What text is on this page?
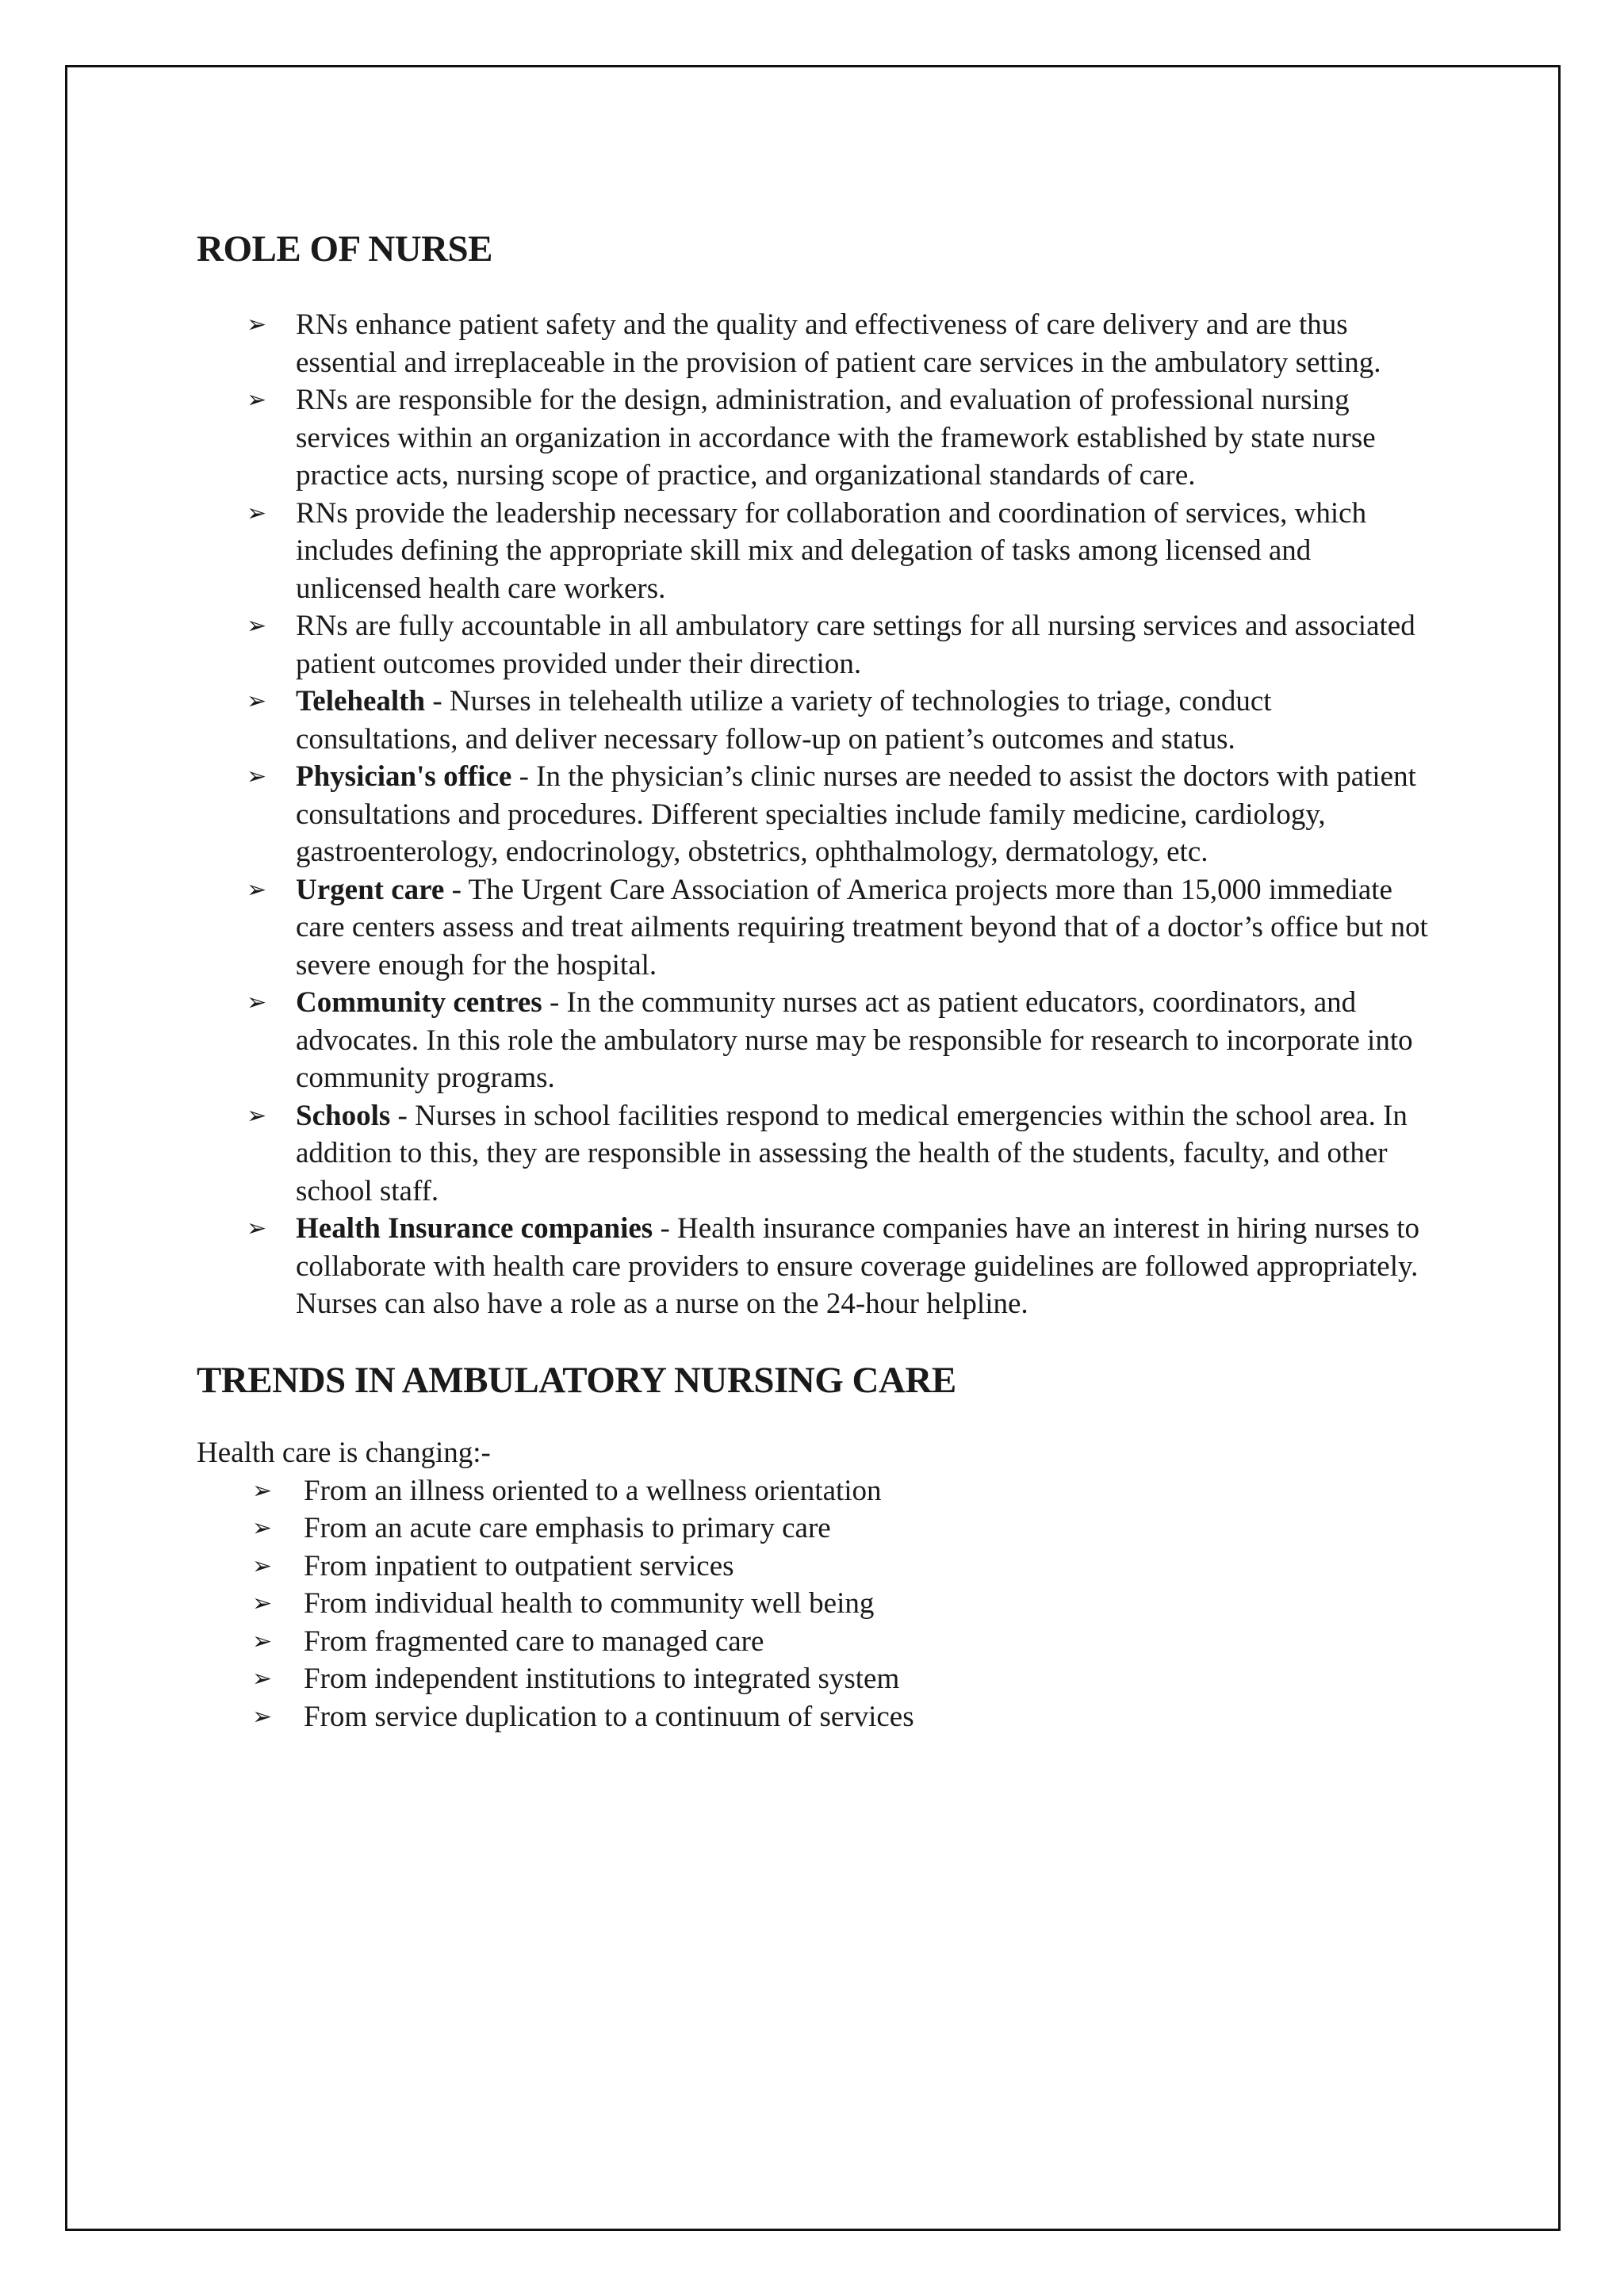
ROLE OF NURSE
➢ RNs enhance patient safety and the quality and effectiveness of care delivery and are thus essential and irreplaceable in the provision of patient care services in the ambulatory setting.
➢ RNs are responsible for the design, administration, and evaluation of professional nursing services within an organization in accordance with the framework established by state nurse practice acts, nursing scope of practice, and organizational standards of care.
➢ RNs provide the leadership necessary for collaboration and coordination of services, which includes defining the appropriate skill mix and delegation of tasks among licensed and unlicensed health care workers.
➢ RNs are fully accountable in all ambulatory care settings for all nursing services and associated patient outcomes provided under their direction.
➢ Telehealth - Nurses in telehealth utilize a variety of technologies to triage, conduct consultations, and deliver necessary follow-up on patient’s outcomes and status.
➢ Physician's office - In the physician’s clinic nurses are needed to assist the doctors with patient consultations and procedures. Different specialties include family medicine, cardiology, gastroenterology, endocrinology, obstetrics, ophthalmology, dermatology, etc.
➢ Urgent care - The Urgent Care Association of America projects more than 15,000 immediate care centers assess and treat ailments requiring treatment beyond that of a doctor’s office but not severe enough for the hospital.
➢ Community centres - In the community nurses act as patient educators, coordinators, and advocates. In this role the ambulatory nurse may be responsible for research to incorporate into community programs.
➢ Schools - Nurses in school facilities respond to medical emergencies within the school area. In addition to this, they are responsible in assessing the health of the students, faculty, and other school staff.
➢ Health Insurance companies - Health insurance companies have an interest in hiring nurses to collaborate with health care providers to ensure coverage guidelines are followed appropriately. Nurses can also have a role as a nurse on the 24-hour helpline.
TRENDS IN AMBULATORY NURSING CARE

Health care is changing:-

➢ From an illness oriented to a wellness orientation
➢ From an acute care emphasis to primary care
➢ From inpatient to outpatient services
➢ From individual health to community well being
➢ From fragmented care to managed care
➢ From independent institutions to integrated system
➢ From service duplication to a continuum of services
